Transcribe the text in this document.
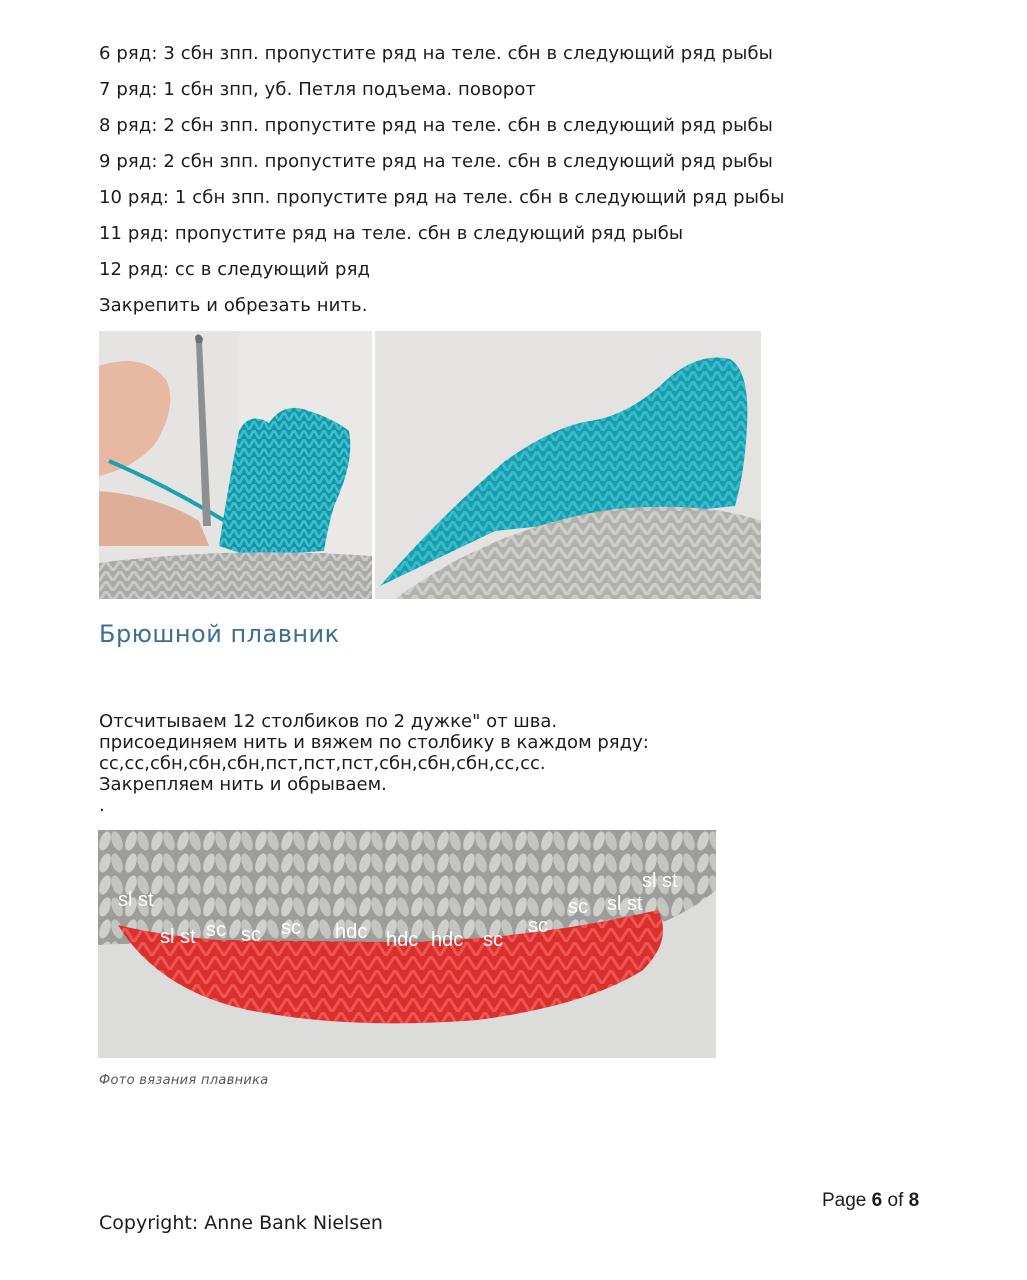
6 ряд: 3 сбн зпп. пропустите ряд на теле. сбн в следующий ряд рыбы
7 ряд: 1 сбн зпп, уб. Петля подъема. поворот
8 ряд: 2 сбн зпп. пропустите ряд на теле. сбн в следующий ряд рыбы
9 ряд: 2 сбн зпп. пропустите ряд на теле. сбн в следующий ряд рыбы
10 ряд: 1 сбн зпп. пропустите ряд на теле. сбн в следующий ряд рыбы
11 ряд: пропустите ряд на теле. сбн в следующий ряд рыбы
12 ряд: сс в следующий ряд
Закрепить и обрезать нить.
Брюшной плавник
Отсчитываем 12 столбиков по 2 дужке" от шва.
присоединяем нить и вяжем по столбику в каждом ряду:
сс,сс,сбн,сбн,сбн,пст,пст,пст,сбн,сбн,сбн,сс,сс.
Закрепляем нить и обрываем.
.
sl st
sl st sc sc sc hdc hdc hdc sc
sc
sc sl st
sl st
Фото вязания плавника
Page 6 of 8
Copyright: Anne Bank Nielsen
